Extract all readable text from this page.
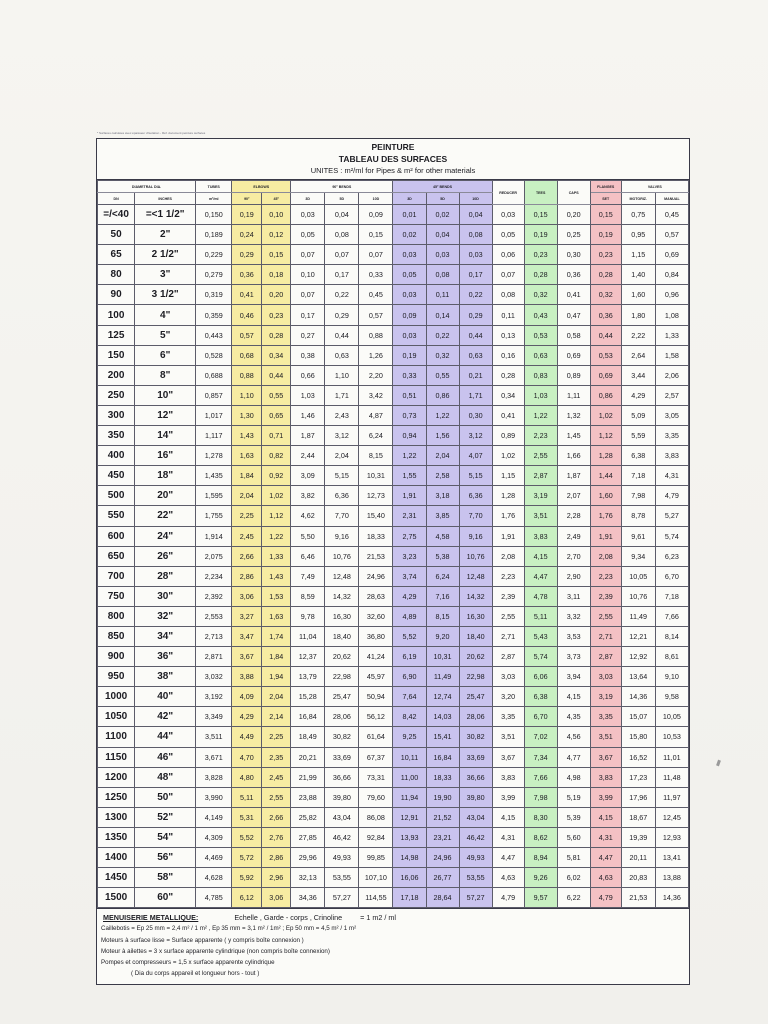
* Surfaces calculées avec épaisseur d'isolation - Réf. document peinture surfaces
PEINTURE
TABLEAU DES SURFACES
UNITES : m²/ml for Pipes & m² for other materials
DIAMETRAL DIA.		TUBES	ELBOWS		90° BENDS			45° BENDS			REDUCER	TEES	CAPS	FLANGES	VALVES	
DN	INCHES	m²/ml	90°	45°	3D	5D	10D	3D	5D	10D				SET	MOTORIZ.	MANUAL
=/<40	=<1 1/2"	0,150	0,19	0,10	0,03	0,04	0,09	0,01	0,02	0,04	0,03	0,15	0,20	0,15	0,75	0,45
50	2"	0,189	0,24	0,12	0,05	0,08	0,15	0,02	0,04	0,08	0,05	0,19	0,25	0,19	0,95	0,57
65	2 1/2"	0,229	0,29	0,15	0,07	0,07	0,07	0,03	0,03	0,03	0,06	0,23	0,30	0,23	1,15	0,69
80	3"	0,279	0,36	0,18	0,10	0,17	0,33	0,05	0,08	0,17	0,07	0,28	0,36	0,28	1,40	0,84
90	3 1/2"	0,319	0,41	0,20	0,07	0,22	0,45	0,03	0,11	0,22	0,08	0,32	0,41	0,32	1,60	0,96
100	4"	0,359	0,46	0,23	0,17	0,29	0,57	0,09	0,14	0,29	0,11	0,43	0,47	0,36	1,80	1,08
125	5"	0,443	0,57	0,28	0,27	0,44	0,88	0,03	0,22	0,44	0,13	0,53	0,58	0,44	2,22	1,33
150	6"	0,528	0,68	0,34	0,38	0,63	1,26	0,19	0,32	0,63	0,16	0,63	0,69	0,53	2,64	1,58
200	8"	0,688	0,88	0,44	0,66	1,10	2,20	0,33	0,55	0,21	0,28	0,83	0,89	0,69	3,44	2,06
250	10"	0,857	1,10	0,55	1,03	1,71	3,42	0,51	0,86	1,71	0,34	1,03	1,11	0,86	4,29	2,57
300	12"	1,017	1,30	0,65	1,46	2,43	4,87	0,73	1,22	0,30	0,41	1,22	1,32	1,02	5,09	3,05
350	14"	1,117	1,43	0,71	1,87	3,12	6,24	0,94	1,56	3,12	0,89	2,23	1,45	1,12	5,59	3,35
400	16"	1,278	1,63	0,82	2,44	2,04	8,15	1,22	2,04	4,07	1,02	2,55	1,66	1,28	6,38	3,83
450	18"	1,435	1,84	0,92	3,09	5,15	10,31	1,55	2,58	5,15	1,15	2,87	1,87	1,44	7,18	4,31
500	20"	1,595	2,04	1,02	3,82	6,36	12,73	1,91	3,18	6,36	1,28	3,19	2,07	1,60	7,98	4,79
550	22"	1,755	2,25	1,12	4,62	7,70	15,40	2,31	3,85	7,70	1,76	3,51	2,28	1,76	8,78	5,27
600	24"	1,914	2,45	1,22	5,50	9,16	18,33	2,75	4,58	9,16	1,91	3,83	2,49	1,91	9,61	5,74
650	26"	2,075	2,66	1,33	6,46	10,76	21,53	3,23	5,38	10,76	2,08	4,15	2,70	2,08	9,34	6,23
700	28"	2,234	2,86	1,43	7,49	12,48	24,96	3,74	6,24	12,48	2,23	4,47	2,90	2,23	10,05	6,70
750	30"	2,392	3,06	1,53	8,59	14,32	28,63	4,29	7,16	14,32	2,39	4,78	3,11	2,39	10,76	7,18
800	32"	2,553	3,27	1,63	9,78	16,30	32,60	4,89	8,15	16,30	2,55	5,11	3,32	2,55	11,49	7,66
850	34"	2,713	3,47	1,74	11,04	18,40	36,80	5,52	9,20	18,40	2,71	5,43	3,53	2,71	12,21	8,14
900	36"	2,871	3,67	1,84	12,37	20,62	41,24	6,19	10,31	20,62	2,87	5,74	3,73	2,87	12,92	8,61
950	38"	3,032	3,88	1,94	13,79	22,98	45,97	6,90	11,49	22,98	3,03	6,06	3,94	3,03	13,64	9,10
1000	40"	3,192	4,09	2,04	15,28	25,47	50,94	7,64	12,74	25,47	3,20	6,38	4,15	3,19	14,36	9,58
1050	42"	3,349	4,29	2,14	16,84	28,06	56,12	8,42	14,03	28,06	3,35	6,70	4,35	3,35	15,07	10,05
1100	44"	3,511	4,49	2,25	18,49	30,82	61,64	9,25	15,41	30,82	3,51	7,02	4,56	3,51	15,80	10,53
1150	46"	3,671	4,70	2,35	20,21	33,69	67,37	10,11	16,84	33,69	3,67	7,34	4,77	3,67	16,52	11,01
1200	48"	3,828	4,80	2,45	21,99	36,66	73,31	11,00	18,33	36,66	3,83	7,66	4,98	3,83	17,23	11,48
1250	50"	3,990	5,11	2,55	23,88	39,80	79,60	11,94	19,90	39,80	3,99	7,98	5,19	3,99	17,96	11,97
1300	52"	4,149	5,31	2,66	25,82	43,04	86,08	12,91	21,52	43,04	4,15	8,30	5,39	4,15	18,67	12,45
1350	54"	4,309	5,52	2,76	27,85	46,42	92,84	13,93	23,21	46,42	4,31	8,62	5,60	4,31	19,39	12,93
1400	56"	4,469	5,72	2,86	29,96	49,93	99,85	14,98	24,96	49,93	4,47	8,94	5,81	4,47	20,11	13,41
1450	58"	4,628	5,92	2,96	32,13	53,55	107,10	16,06	26,77	53,55	4,63	9,26	6,02	4,63	20,83	13,88
1500	60"	4,785	6,12	3,06	34,36	57,27	114,55	17,18	28,64	57,27	4,79	9,57	6,22	4,79	21,53	14,36
MENUISERIE METALLIQUE:	Echelle , Garde - corps , Crinoline	= 1 m2 / ml
Caillebotis = Ep 25 mm = 2,4 m² / 1 m² , Ep 35 mm = 3,1 m² / 1m² ; Ep 50 mm = 4,5 m² / 1 m²
Moteurs à surface lisse = Surface apparente ( y compris boîte connexion )
Moteur à ailettes = 3 x surface apparente cylindrique (non compris boîte connexion)
Pompes et compresseurs = 1,5 x surface apparente cylindrique
( Dia du corps appareil et longueur hors - tout )
